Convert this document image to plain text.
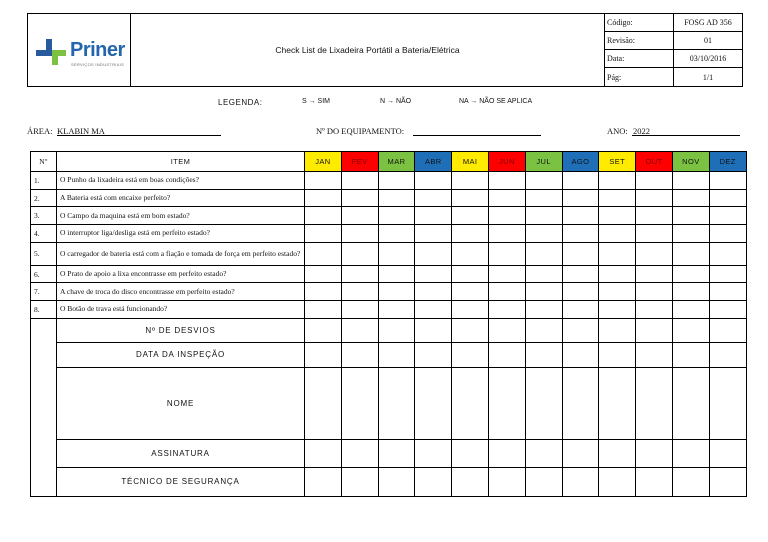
Priner
SERVIÇOS INDUSTRIAIS	Check List de Lixadeira Portátil a Bateria/Elétrica	Código:	FOSG AD 356
		Revisão:	01
		Data:	03/10/2016
		Pág:	1/1
LEGENDA:	S → SIM	N → NÃO	NA → NÃO SE APLICA
ÁREA: KLABIN MA	Nº DO EQUIPAMENTO:	ANO: 2022
Nº	ITEM	JAN	FEV	MAR	ABR	MAI	JUN	JUL	AGO	SET	OUT	NOV	DEZ
1.	O Punho da lixadeira está em boas condições?												
2.	A Bateria está com encaixe perfeito?												
3.	O Campo da maquina está em bom estado?												
4.	O interruptor liga/desliga está em perfeito estado?												
5.	O carregador de bateria está com a fiação e tomada de força em perfeito estado?												
6.	O Prato de apoio a lixa encontrasse em perfeito estado?												
7.	A chave de troca do disco encontrasse em perfeito estado?												
8.	O Botão de trava está funcionando?												
	Nº DE DESVIOS												
	DATA DA INSPEÇÃO												
	NOME												
	ASSINATURA												
	TÉCNICO DE SEGURANÇA												
